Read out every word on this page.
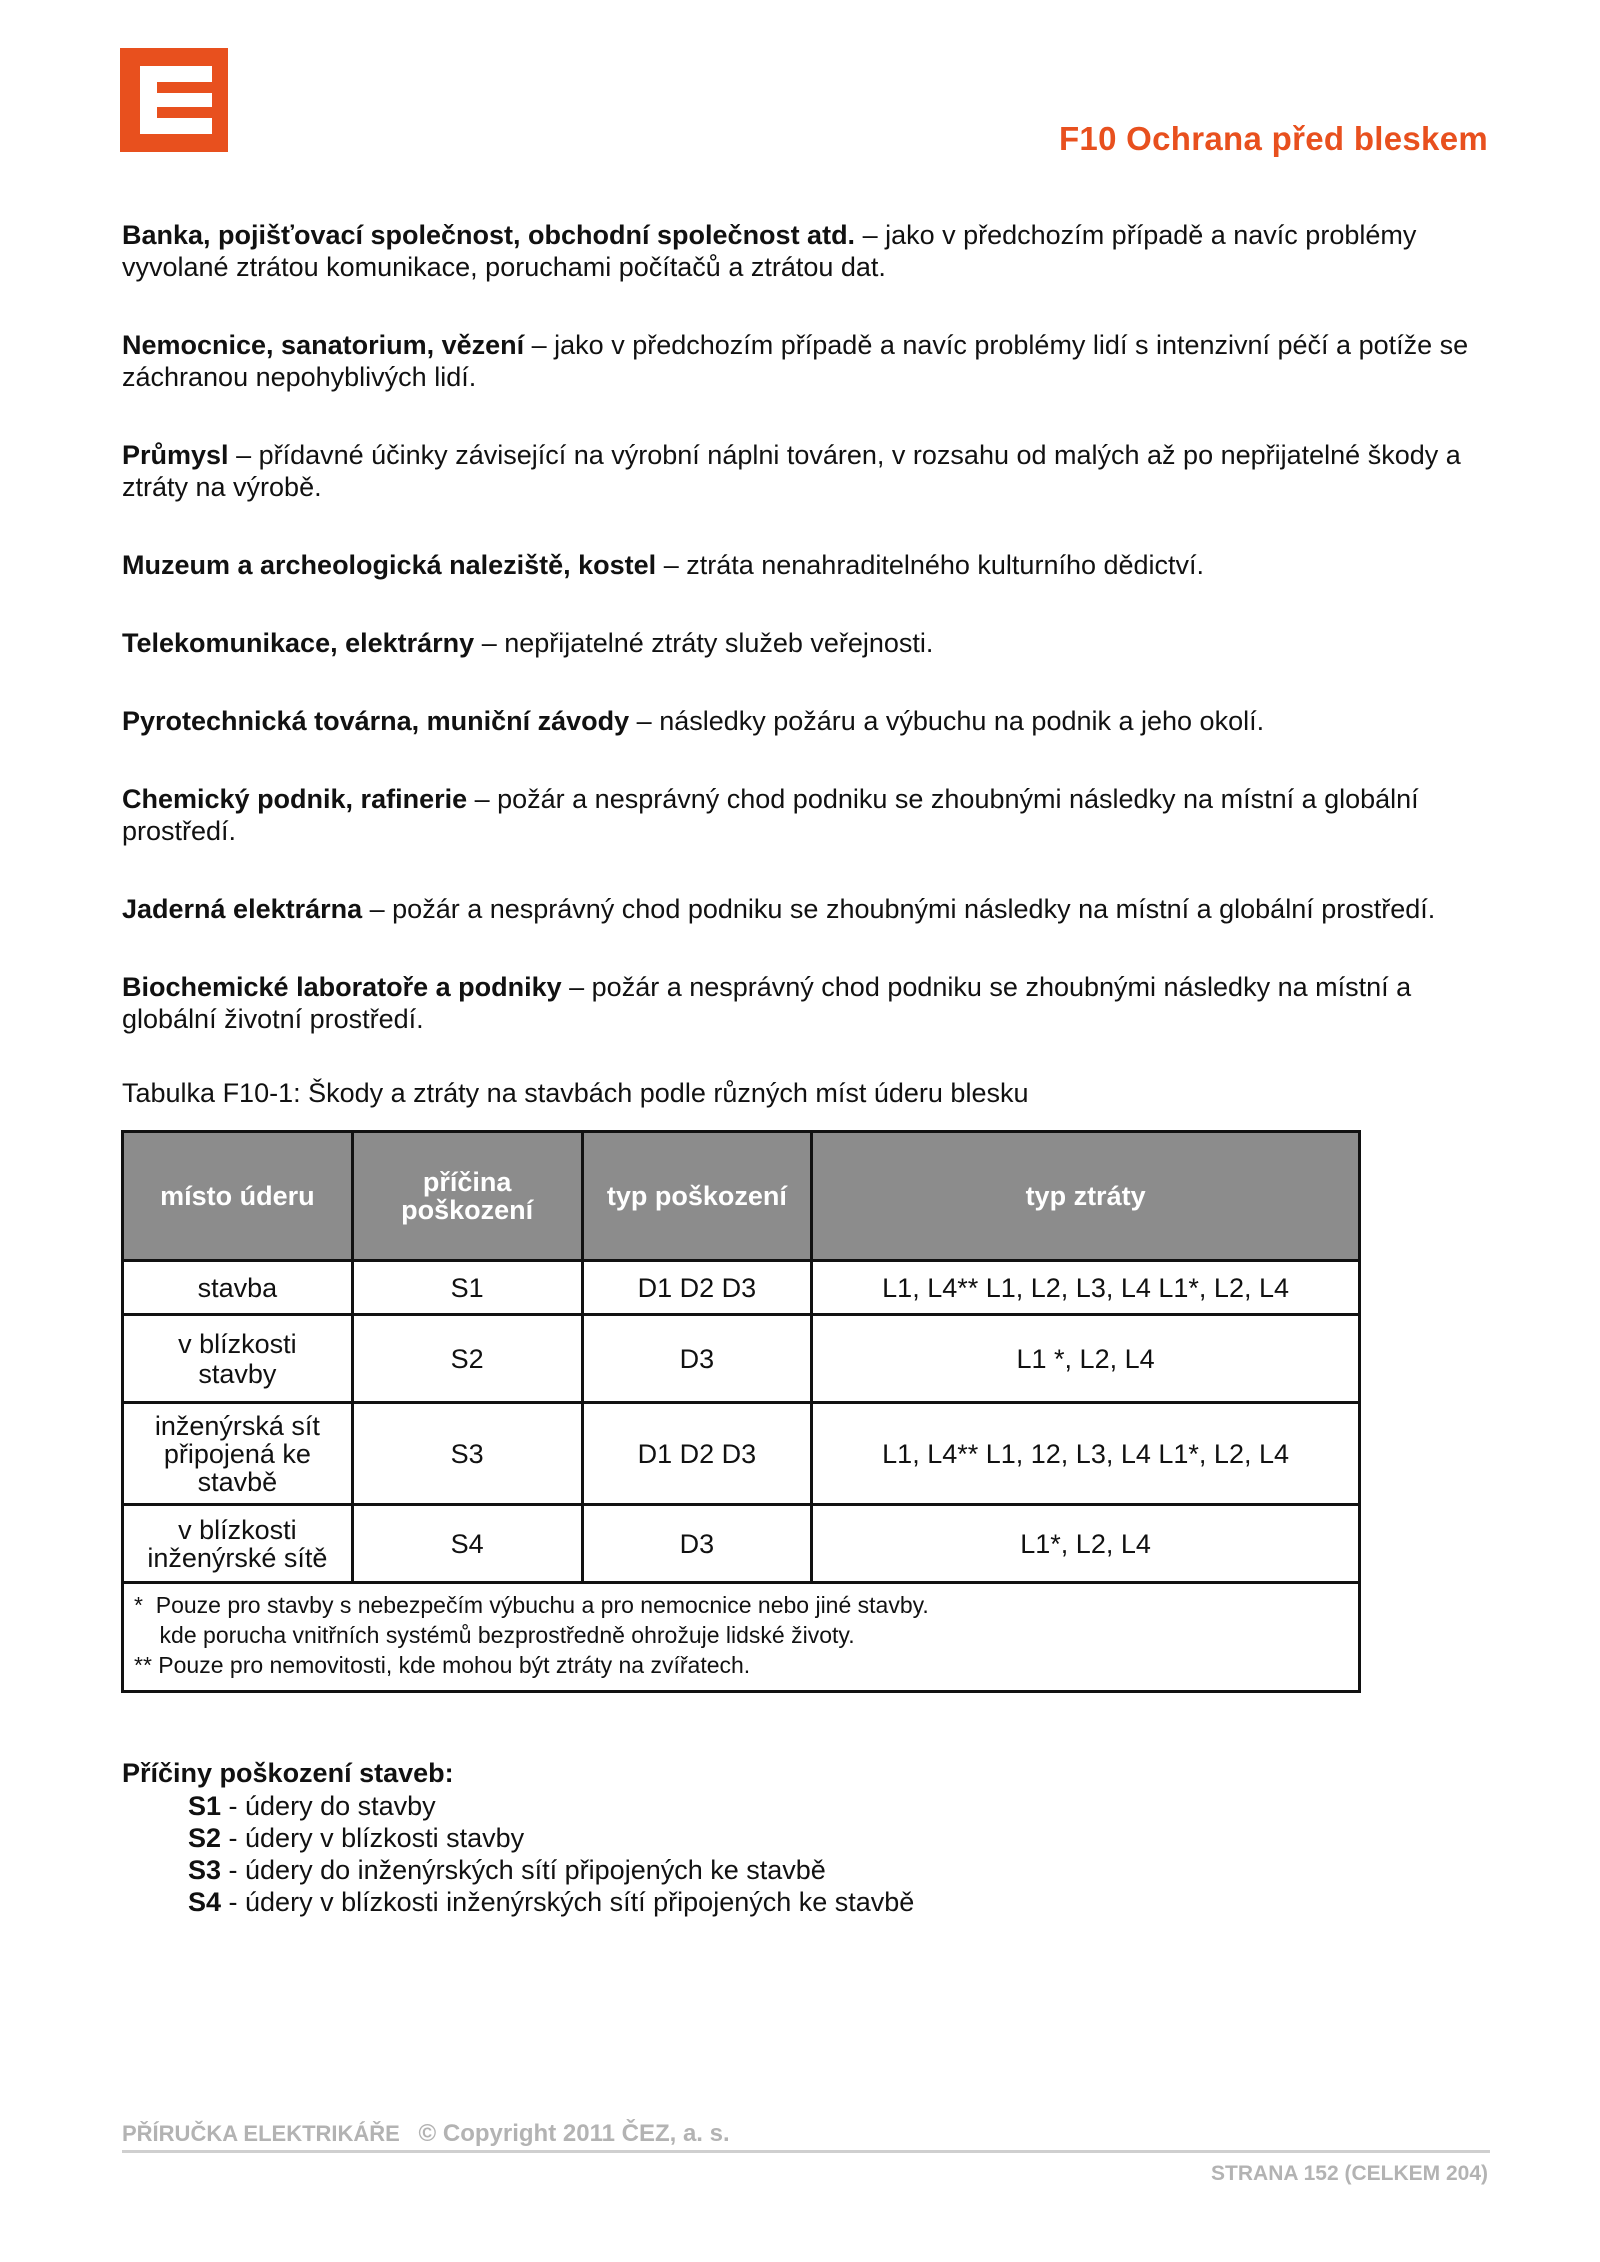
F10 Ochrana před bleskem

Banka, pojišťovací společnost, obchodní společnost atd. – jako v předchozím případě a navíc problémy vyvolané ztrátou komunikace, poruchami počítačů a ztrátou dat.

Nemocnice, sanatorium, vězení – jako v předchozím případě a navíc problémy lidí s intenzivní péčí a potíže se záchranou nepohyblivých lidí.

Průmysl – přídavné účinky závisející na výrobní náplni továren, v rozsahu od malých až po nepřijatelné škody a ztráty na výrobě.

Muzeum a archeologická naleziště, kostel – ztráta nenahraditelného kulturního dědictví.

Telekomunikace, elektrárny – nepřijatelné ztráty služeb veřejnosti.

Pyrotechnická továrna, muniční závody – následky požáru a výbuchu na podnik a jeho okolí.

Chemický podnik, rafinerie – požár a nesprávný chod podniku se zhoubnými následky na místní a globální prostředí.

Jaderná elektrárna – požár a nesprávný chod podniku se zhoubnými následky na místní a globální prostředí.

Biochemické laboratoře a podniky – požár a nesprávný chod podniku se zhoubnými následky na místní a globální životní prostředí.

Tabulka F10-1: Škody a ztráty na stavbách podle různých míst úderu blesku
místo úderu	příčina poškození	typ poškození	typ ztráty
stavba	S1	D1 D2 D3	L1, L4** L1, L2, L3, L4 L1*, L2, L4
v blízkosti stavby	S2	D3	L1 *, L2, L4
inženýrská sít připojená ke stavbě	S3	D1 D2 D3	L1, L4** L1, 12, L3, L4 L1*, L2, L4
v blízkosti inženýrské sítě	S4	D3	L1*, L2, L4

*  Pouze pro stavby s nebezpečím výbuchu a pro nemocnice nebo jiné stavby.
kde porucha vnitřních systémů bezprostředně ohrožuje lidské životy.
** Pouze pro nemovitosti, kde mohou být ztráty na zvířatech.			
Příčiny poškození staveb:
S1 - údery do stavby
S2 - údery v blízkosti stavby
S3 - údery do inženýrských sítí připojených ke stavbě
S4 - údery v blízkosti inženýrských sítí připojených ke stavbě
PŘÍRUČKA ELEKTRIKÁŘE © Copyright 2011 ČEZ, a. s.
STRANA 152 (CELKEM 204)
